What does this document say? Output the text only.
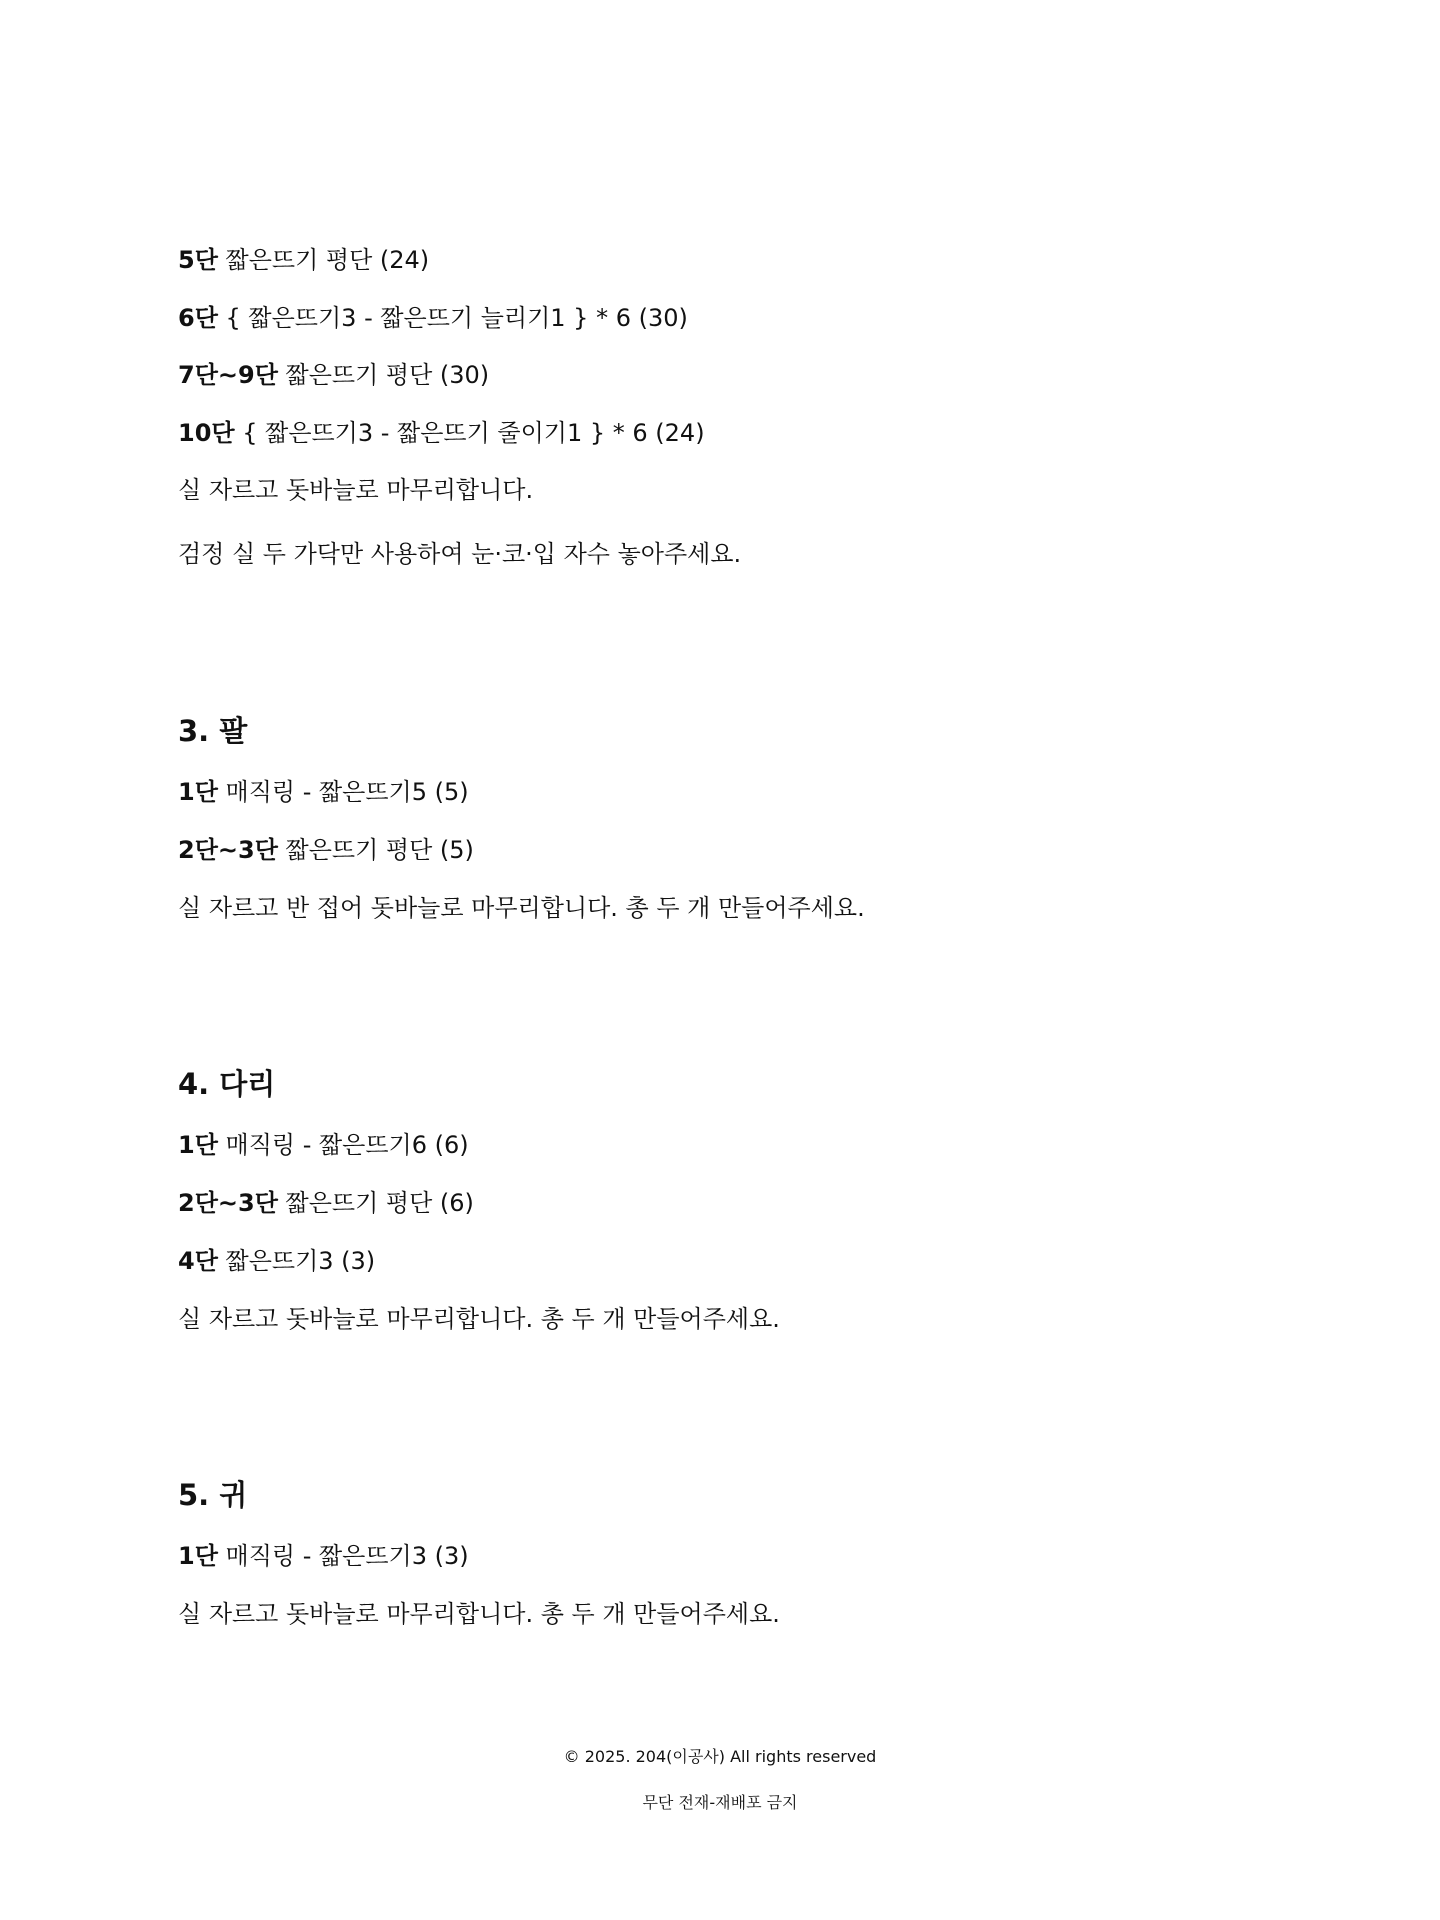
5단 짧은뜨기 평단 (24)
6단 { 짧은뜨기3 - 짧은뜨기 늘리기1 } * 6 (30)
7단~9단 짧은뜨기 평단 (30)
10단 { 짧은뜨기3 - 짧은뜨기 줄이기1 } * 6 (24)
실 자르고 돗바늘로 마무리합니다.
검정 실 두 가닥만 사용하여 눈·코·입 자수 놓아주세요.
3. 팔
1단 매직링 - 짧은뜨기5 (5)
2단~3단 짧은뜨기 평단 (5)
실 자르고 반 접어 돗바늘로 마무리합니다. 총 두 개 만들어주세요.
4. 다리
1단 매직링 - 짧은뜨기6 (6)
2단~3단 짧은뜨기 평단 (6)
4단 짧은뜨기3 (3)
실 자르고 돗바늘로 마무리합니다. 총 두 개 만들어주세요.
5. 귀
1단 매직링 - 짧은뜨기3 (3)
실 자르고 돗바늘로 마무리합니다. 총 두 개 만들어주세요.
© 2025. 204(이공사) All rights reserved
무단 전재-재배포 금지
